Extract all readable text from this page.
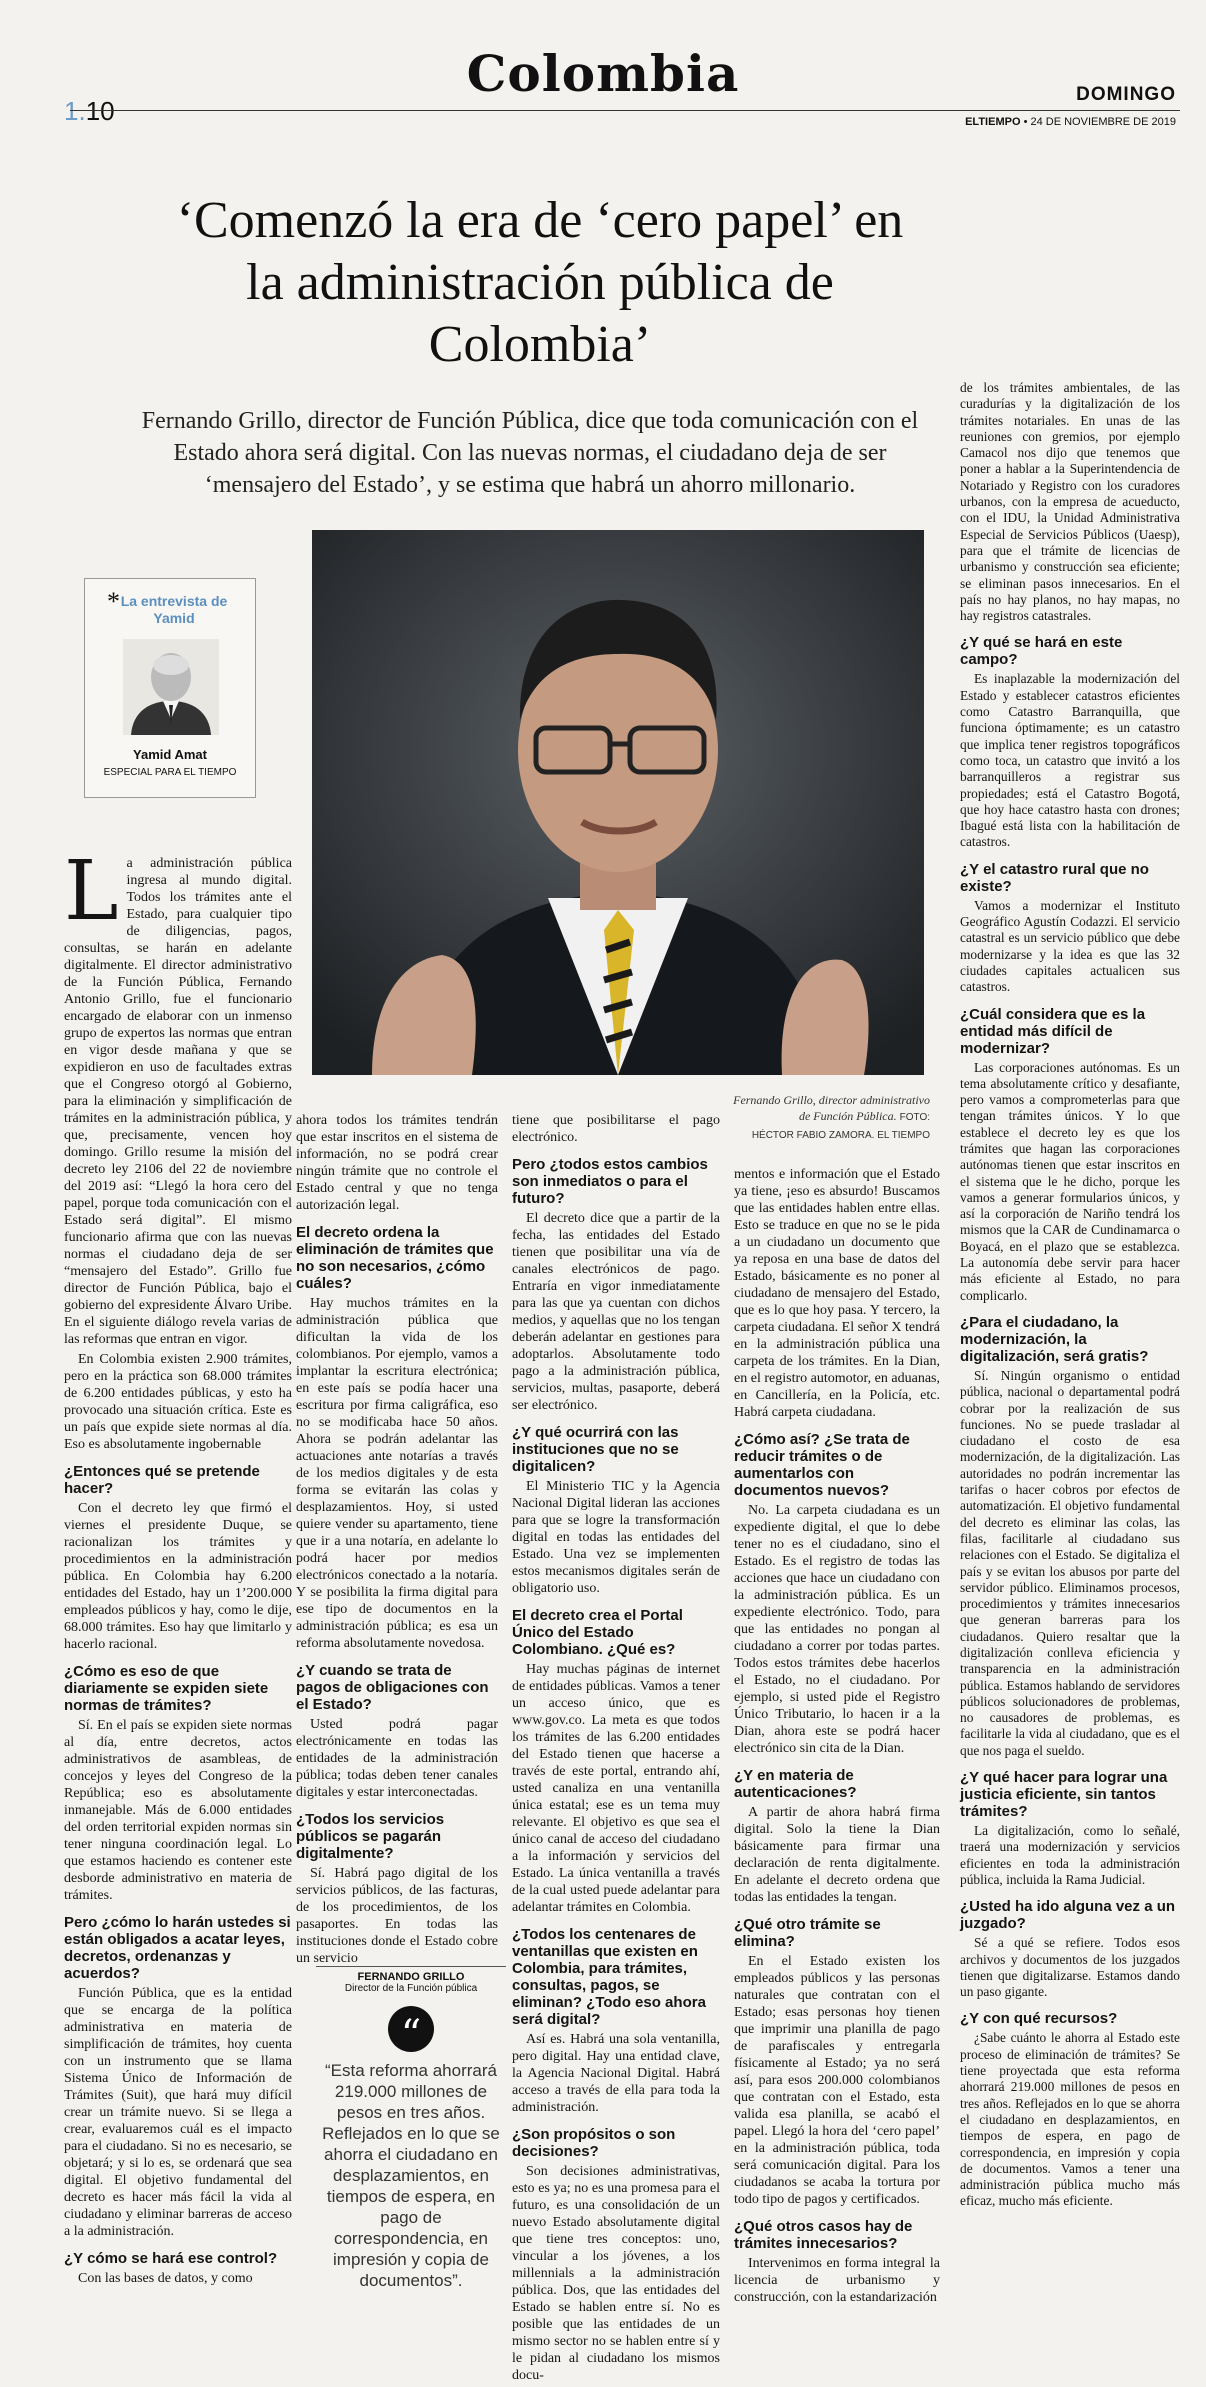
Colombia
1.10
DOMINGO
ELTIEMPO • 24 DE NOVIEMBRE DE 2019
‘Comenzó la era de ‘cero papel’ en la administración pública de Colombia’
Fernando Grillo, director de Función Pública, dice que toda comunicación con el Estado ahora será digital. Con las nuevas normas, el ciudadano deja de ser ‘mensajero del Estado’, y se estima que habrá un ahorro millonario.
* La entrevista de Yamid
Yamid Amat
ESPECIAL PARA EL TIEMPO
Fernando Grillo, director administrativo de Función Pública. FOTO:
HÉCTOR FABIO ZAMORA. EL TIEMPO

La administración pública ingresa al mundo digital. Todos los trámites ante el Estado, para cualquier tipo de diligencias, pagos, consultas, se harán en adelante digitalmente. El director administrativo de la Función Pública, Fernando Antonio Grillo, fue el funcionario encargado de elaborar con un inmenso grupo de expertos las normas que entran en vigor desde mañana y que se expidieron en uso de facultades extras que el Congreso otorgó al Gobierno, para la eliminación y simplificación de trámites en la administración pública, y que, precisamente, vencen hoy domingo. Grillo resume la misión del decreto ley 2106 del 22 de noviembre del 2019 así: “Llegó la hora cero del papel, porque toda comunicación con el Estado será digital”. El mismo funcionario afirma que con las nuevas normas el ciudadano deja de ser “mensajero del Estado”. Grillo fue director de Función Pública, bajo el gobierno del expresidente Álvaro Uribe. En el siguiente diálogo revela varias de las reformas que entran en vigor.

En Colombia existen 2.900 trámites, pero en la práctica son 68.000 trámites de 6.200 entidades públicas, y esto ha provocado una situación crítica. Este es un país que expide siete normas al día. Eso es absolutamente ingobernable

¿Entonces qué se pretende hacer?

Con el decreto ley que firmó el viernes el presidente Duque, se racionalizan los trámites y procedimientos en la administración pública. En Colombia hay 6.200 entidades del Estado, hay un 1’200.000 empleados públicos y hay, como le dije, 68.000 trámites. Eso hay que limitarlo y hacerlo racional.

¿Cómo es eso de que diariamente se expiden siete normas de trámites?

Sí. En el país se expiden siete normas al día, entre decretos, actos administrativos de asambleas, de concejos y leyes del Congreso de la República; eso es absolutamente inmanejable. Más de 6.000 entidades del orden territorial expiden normas sin tener ninguna coordinación legal. Lo que estamos haciendo es contener este desborde administrativo en materia de trámites.

Pero ¿cómo lo harán ustedes si están obligados a acatar leyes, decretos, ordenanzas y acuerdos?

Función Pública, que es la entidad que se encarga de la política administrativa en materia de simplificación de trámites, hoy cuenta con un instrumento que se llama Sistema Único de Información de Trámites (Suit), que hará muy difícil crear un trámite nuevo. Si se llega a crear, evaluaremos cuál es el impacto para el ciudadano. Si no es necesario, se objetará; y si lo es, se ordenará que sea digital. El objetivo fundamental del decreto es hacer más fácil la vida al ciudadano y eliminar barreras de acceso a la administración.

¿Y cómo se hará ese control?

Con las bases de datos, y como

ahora todos los trámites tendrán que estar inscritos en el sistema de información, no se podrá crear ningún trámite que no controle el Estado central y que no tenga autorización legal.

El decreto ordena la eliminación de trámites que no son necesarios, ¿cómo cuáles?

Hay muchos trámites en la administración pública que dificultan la vida de los colombianos. Por ejemplo, vamos a implantar la escritura electrónica; en este país se podía hacer una escritura por firma caligráfica, eso no se modificaba hace 50 años. Ahora se podrán adelantar las actuaciones ante notarías a través de los medios digitales y de esta forma se evitarán las colas y desplazamientos. Hoy, si usted quiere vender su apartamento, tiene que ir a una notaría, en adelante lo podrá hacer por medios electrónicos conectado a la notaría. Y se posibilita la firma digital para ese tipo de documentos en la administración pública; es esa un reforma absolutamente novedosa.

¿Y cuando se trata de pagos de obligaciones con el Estado?

Usted podrá pagar electrónicamente en todas las entidades de la administración pública; todas deben tener canales digitales y estar interconectadas.

¿Todos los servicios públicos se pagarán digitalmente?

Sí. Habrá pago digital de los servicios públicos, de las facturas, de los procedimientos, de los pasaportes. En todas las instituciones donde el Estado cobre un servicio

FERNANDO GRILLO
Director de la Función pública
“
“Esta reforma ahorrará 219.000 millones de pesos en tres años. Reflejados en lo que se ahorra el ciudadano en desplazamientos, en tiempos de espera, en pago de correspondencia, en impresión y copia de documentos”.

tiene que posibilitarse el pago electrónico.

Pero ¿todos estos cambios son inmediatos o para el futuro?

El decreto dice que a partir de la fecha, las entidades del Estado tienen que posibilitar una vía de canales electrónicos de pago. Entraría en vigor inmediatamente para las que ya cuentan con dichos medios, y aquellas que no los tengan deberán adelantar en gestiones para adoptarlos. Absolutamente todo pago a la administración pública, servicios, multas, pasaporte, deberá ser electrónico.

¿Y qué ocurrirá con las instituciones que no se digitalicen?

El Ministerio TIC y la Agencia Nacional Digital lideran las acciones para que se logre la transformación digital en todas las entidades del Estado. Una vez se implementen estos mecanismos digitales serán de obligatorio uso.

El decreto crea el Portal Único del Estado Colombiano. ¿Qué es?

Hay muchas páginas de internet de entidades públicas. Vamos a tener un acceso único, que es www.gov.co. La meta es que todos los trámites de las 6.200 entidades del Estado tienen que hacerse a través de este portal, entrando ahí, usted canaliza en una ventanilla única estatal; ese es un tema muy relevante. El objetivo es que sea el único canal de acceso del ciudadano a la información y servicios del Estado. La única ventanilla a través de la cual usted puede adelantar para adelantar trámites en Colombia.

¿Todos los centenares de ventanillas que existen en Colombia, para trámites, consultas, pagos, se eliminan? ¿Todo eso ahora será digital?

Así es. Habrá una sola ventanilla, pero digital. Hay una entidad clave, la Agencia Nacional Digital. Habrá acceso a través de ella para toda la administración.

¿Son propósitos o son decisiones?

Son decisiones administrativas, esto es ya; no es una promesa para el futuro, es una consolidación de un nuevo Estado absolutamente digital que tiene tres conceptos: uno, vincular a los jóvenes, a los millennials a la administración pública. Dos, que las entidades del Estado se hablen entre sí. No es posible que las entidades de un mismo sector no se hablen entre sí y le pidan al ciudadano los mismos docu-

mentos e información que el Estado ya tiene, ¡eso es absurdo! Buscamos que las entidades hablen entre ellas. Esto se traduce en que no se le pida a un ciudadano un documento que ya reposa en una base de datos del Estado, básicamente es no poner al ciudadano de mensajero del Estado, que es lo que hoy pasa. Y tercero, la carpeta ciudadana. El señor X tendrá en la administración pública una carpeta de los trámites. En la Dian, en el registro automotor, en aduanas, en Cancillería, en la Policía, etc. Habrá carpeta ciudadana.

¿Cómo así? ¿Se trata de reducir trámites o de aumentarlos con documentos nuevos?

No. La carpeta ciudadana es un expediente digital, el que lo debe tener no es el ciudadano, sino el Estado. Es el registro de todas las acciones que hace un ciudadano con la administración pública. Es un expediente electrónico. Todo, para que las entidades no pongan al ciudadano a correr por todas partes. Todos estos trámites debe hacerlos el Estado, no el ciudadano. Por ejemplo, si usted pide el Registro Único Tributario, lo hacen ir a la Dian, ahora este se podrá hacer electrónico sin cita de la Dian.

¿Y en materia de autenticaciones?

A partir de ahora habrá firma digital. Solo la tiene la Dian básicamente para firmar una declaración de renta digitalmente. En adelante el decreto ordena que todas las entidades la tengan.

¿Qué otro trámite se elimina?

En el Estado existen los empleados públicos y las personas naturales que contratan con el Estado; esas personas hoy tienen que imprimir una planilla de pago de parafiscales y entregarla físicamente al Estado; ya no será así, para esos 200.000 colombianos que contratan con el Estado, esta valida esa planilla, se acabó el papel. Llegó la hora del ‘cero papel’ en la administración pública, toda será comunicación digital. Para los ciudadanos se acaba la tortura por todo tipo de pagos y certificados.

¿Qué otros casos hay de trámites innecesarios?

Intervenimos en forma integral la licencia de urbanismo y construcción, con la estandarización

de los trámites ambientales, de las curadurías y la digitalización de los trámites notariales. En unas de las reuniones con gremios, por ejemplo Camacol nos dijo que tenemos que poner a hablar a la Superintendencia de Notariado y Registro con los curadores urbanos, con la empresa de acueducto, con el IDU, la Unidad Administrativa Especial de Servicios Públicos (Uaesp), para que el trámite de licencias de urbanismo y construcción sea eficiente; se eliminan pasos innecesarios. En el país no hay planos, no hay mapas, no hay registros catastrales.

¿Y qué se hará en este campo?

Es inaplazable la modernización del Estado y establecer catastros eficientes como Catastro Barranquilla, que funciona óptimamente; es un catastro que implica tener registros topográficos como toca, un catastro que invitó a los barranquilleros a registrar sus propiedades; está el Catastro Bogotá, que hoy hace catastro hasta con drones; Ibagué está lista con la habilitación de catastros.

¿Y el catastro rural que no existe?

Vamos a modernizar el Instituto Geográfico Agustín Codazzi. El servicio catastral es un servicio público que debe modernizarse y la idea es que las 32 ciudades capitales actualicen sus catastros.

¿Cuál considera que es la entidad más difícil de modernizar?

Las corporaciones autónomas. Es un tema absolutamente crítico y desafiante, pero vamos a comprometerlas para que tengan trámites únicos. Y lo que establece el decreto ley es que los trámites que hagan las corporaciones autónomas tienen que estar inscritos en el sistema que le he dicho, porque les vamos a generar formularios únicos, y así la corporación de Nariño tendrá los mismos que la CAR de Cundinamarca o Boyacá, en el plazo que se establezca. La autonomía debe servir para hacer más eficiente al Estado, no para complicarlo.

¿Para el ciudadano, la modernización, la digitalización, será gratis?

Sí. Ningún organismo o entidad pública, nacional o departamental podrá cobrar por la realización de sus funciones. No se puede trasladar al ciudadano el costo de esa modernización, de la digitalización. Las autoridades no podrán incrementar las tarifas o hacer cobros por efectos de automatización. El objetivo fundamental del decreto es eliminar las colas, las filas, facilitarle al ciudadano sus relaciones con el Estado. Se digitaliza el país y se evitan los abusos por parte del servidor público. Eliminamos procesos, procedimientos y trámites innecesarios que generan barreras para los ciudadanos. Quiero resaltar que la digitalización conlleva eficiencia y transparencia en la administración pública. Estamos hablando de servidores públicos solucionadores de problemas, no causadores de problemas, es facilitarle la vida al ciudadano, que es el que nos paga el sueldo.

¿Y qué hacer para lograr una justicia eficiente, sin tantos trámites?

La digitalización, como lo señalé, traerá una modernización y servicios eficientes en toda la administración pública, incluida la Rama Judicial.

¿Usted ha ido alguna vez a un juzgado?

Sé a qué se refiere. Todos esos archivos y documentos de los juzgados tienen que digitalizarse. Estamos dando un paso gigante.

¿Y con qué recursos?

¿Sabe cuánto le ahorra al Estado este proceso de eliminación de trámites? Se tiene proyectada que esta reforma ahorrará 219.000 millones de pesos en tres años. Reflejados en lo que se ahorra el ciudadano en desplazamientos, en tiempos de espera, en pago de correspondencia, en impresión y copia de documentos. Vamos a tener una administración pública mucho más eficaz, mucho más eficiente.
